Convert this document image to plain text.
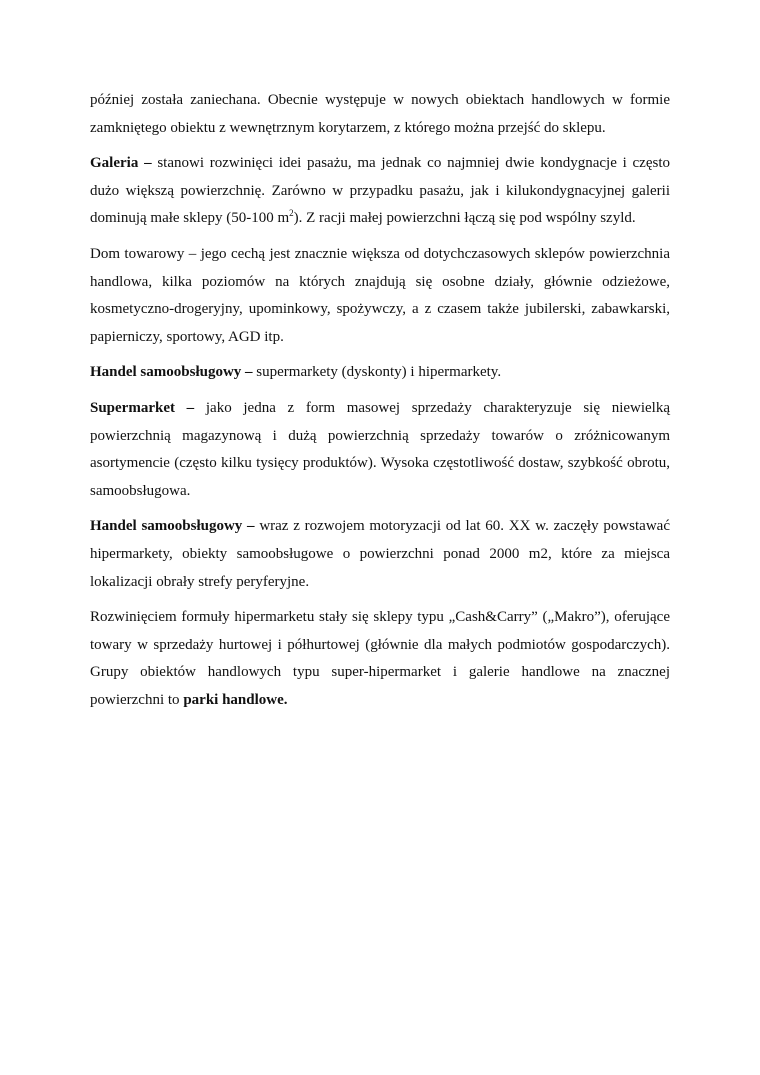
później została zaniechana. Obecnie występuje w nowych obiektach handlowych w formie zamkniętego obiektu z wewnętrznym korytarzem, z którego można przejść do sklepu.

Galeria – stanowi rozwinięci idei pasażu, ma jednak co najmniej dwie kondygnacje i często dużo większą powierzchnię. Zarówno w przypadku pasażu, jak i kilukondygnacyjnej galerii dominują małe sklepy (50-100 $m^2$). Z racji małej powierzchni łączą się pod wspólny szyld.

Dom towarowy – jego cechą jest znacznie większa od dotychczasowych sklepów powierzchnia handlowa, kilka poziomów na których znajdują się osobne działy, głównie odzieżowe, kosmetyczno-drogeryjny, upominkowy, spożywczy, a z czasem także jubilerski, zabawkarski, papierniczy, sportowy, AGD itp.

Handel samoobsługowy – supermarkety (dyskonty) i hipermarkety.

Supermarket – jako jedna z form masowej sprzedaży charakteryzuje się niewielką powierzchnią magazynową i dużą powierzchnią sprzedaży towarów o zróżnicowanym asortymencie (często kilku tysięcy produktów). Wysoka częstotliwość dostaw, szybkość obrotu, samoobsługowa.

Handel samoobsługowy – wraz z rozwojem motoryzacji od lat 60. XX w. zaczęły powstawać hipermarkety, obiekty samoobsługowe o powierzchni ponad 2000 m2, które za miejsca lokalizacji obrały strefy peryferyjne.

Rozwinięciem formuły hipermarketu stały się sklepy typu „Cash&Carry” („Makro”), oferujące towary w sprzedaży hurtowej i półhurtowej (głównie dla małych podmiotów gospodarczych). Grupy obiektów handlowych typu super-hipermarket i galerie handlowe na znacznej powierzchni to parki handlowe.
